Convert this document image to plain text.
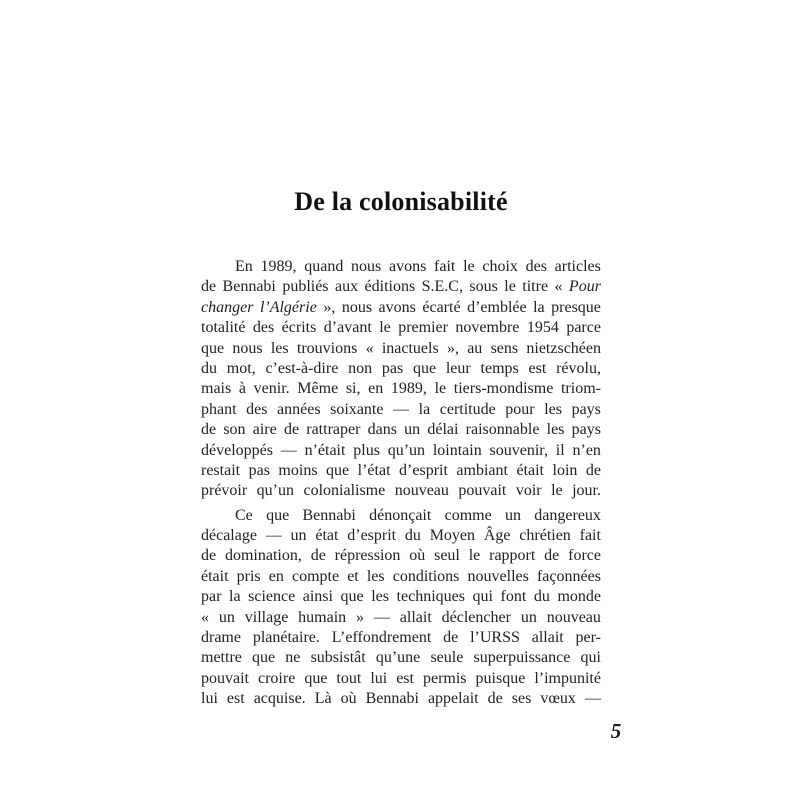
De la colonisabilité
En 1989, quand nous avons fait le choix des articles
de Bennabi publiés aux éditions S.E.C, sous le titre « Pour
changer l’Algérie », nous avons écarté d’emblée la presque
totalité des écrits d’avant le premier novembre 1954 parce
que nous les trouvions « inactuels », au sens nietzschéen
du mot, c’est-à-dire non pas que leur temps est révolu,
mais à venir. Même si, en 1989, le tiers-mondisme triom-
phant des années soixante — la certitude pour les pays
de son aire de rattraper dans un délai raisonnable les pays
développés — n’était plus qu’un lointain souvenir, il n’en
restait pas moins que l’état d’esprit ambiant était loin de
prévoir qu’un colonialisme nouveau pouvait voir le jour.
Ce que Bennabi dénonçait comme un dangereux
décalage — un état d’esprit du Moyen Âge chrétien fait
de domination, de répression où seul le rapport de force
était pris en compte et les conditions nouvelles façonnées
par la science ainsi que les techniques qui font du monde
« un village humain » — allait déclencher un nouveau
drame planétaire. L’effondrement de l’URSS allait per-
mettre que ne subsistât qu’une seule superpuissance qui
pouvait croire que tout lui est permis puisque l’impunité
lui est acquise. Là où Bennabi appelait de ses vœux —
5
